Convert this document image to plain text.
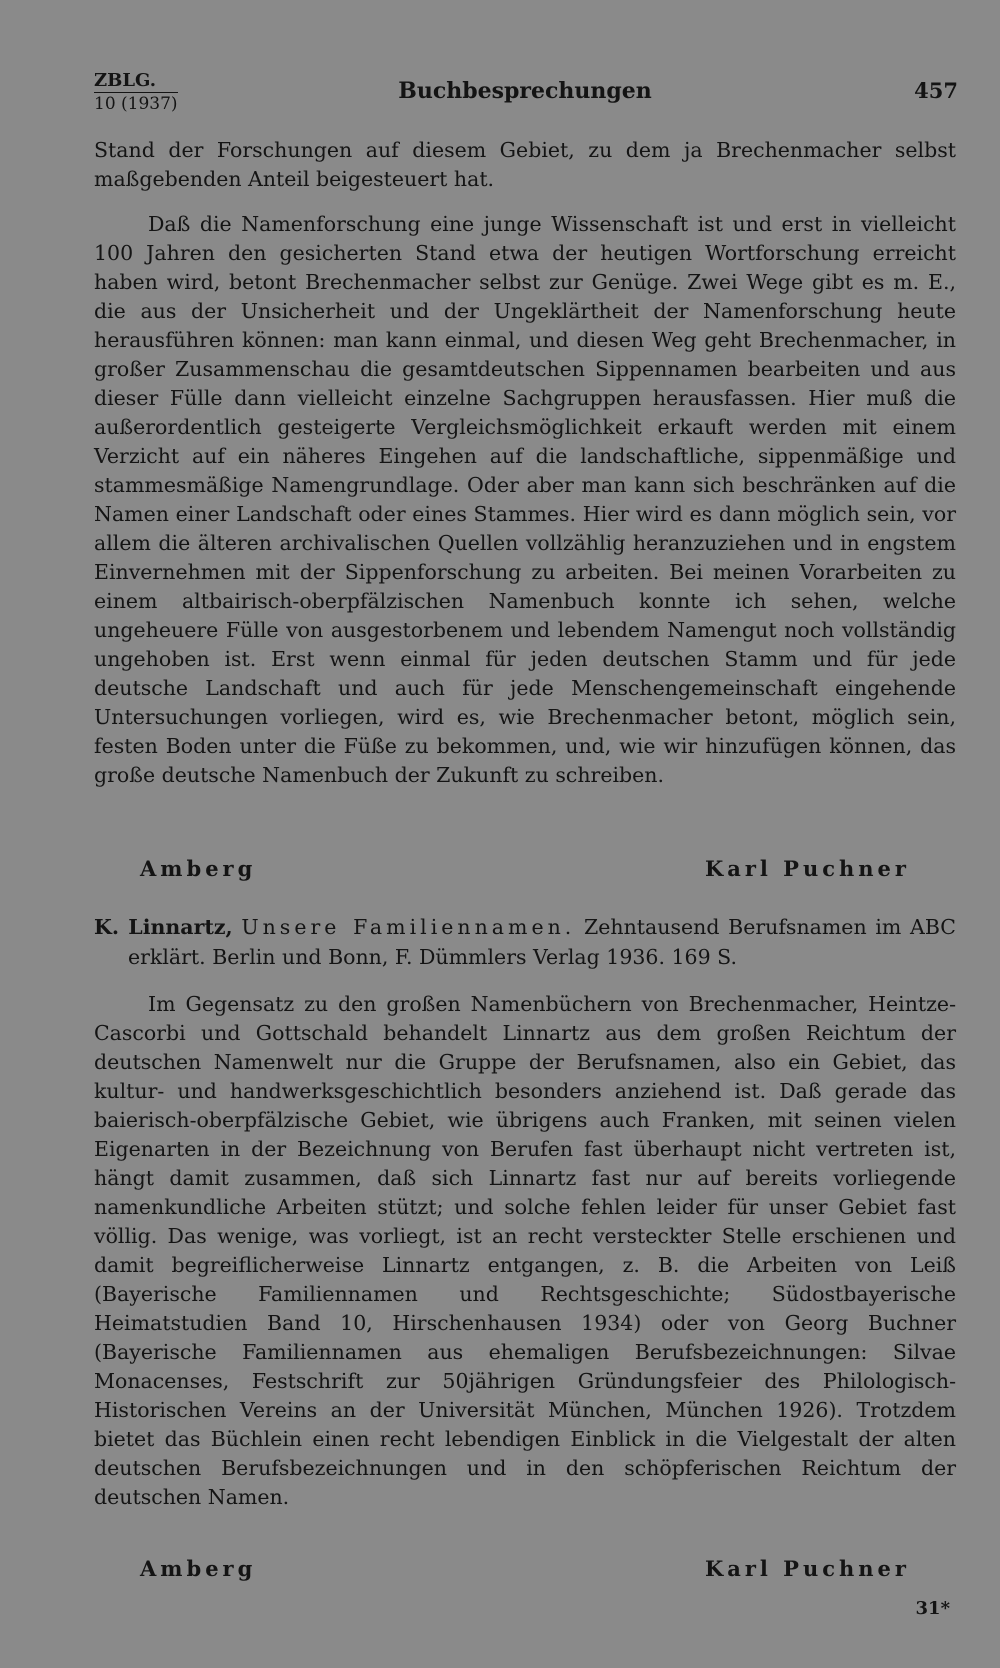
ZBLG.
10 (1937)	Buchbesprechungen	457

Stand der Forschungen auf diesem Gebiet, zu dem ja Brechenmacher selbst maßgebenden Anteil beigesteuert hat.

Daß die Namenforschung eine junge Wissenschaft ist und erst in vielleicht 100 Jahren den gesicherten Stand etwa der heutigen Wortforschung erreicht haben wird, betont Brechenmacher selbst zur Genüge. Zwei Wege gibt es m. E., die aus der Unsicherheit und der Ungeklärtheit der Namenforschung heute herausführen können: man kann einmal, und diesen Weg geht Brechenmacher, in großer Zusammenschau die gesamtdeutschen Sippennamen bearbeiten und aus dieser Fülle dann vielleicht einzelne Sachgruppen herausfassen. Hier muß die außerordentlich gesteigerte Vergleichsmöglichkeit erkauft werden mit einem Verzicht auf ein näheres Eingehen auf die landschaftliche, sippenmäßige und stammesmäßige Namengrundlage. Oder aber man kann sich beschränken auf die Namen einer Landschaft oder eines Stammes. Hier wird es dann möglich sein, vor allem die älteren archivalischen Quellen vollzählig heranzuziehen und in engstem Einvernehmen mit der Sippenforschung zu arbeiten. Bei meinen Vorarbeiten zu einem altbairisch-oberpfälzischen Namenbuch konnte ich sehen, welche ungeheuere Fülle von ausgestorbenem und lebendem Namengut noch vollständig ungehoben ist. Erst wenn einmal für jeden deutschen Stamm und für jede deutsche Landschaft und auch für jede Menschengemeinschaft eingehende Untersuchungen vorliegen, wird es, wie Brechenmacher betont, möglich sein, festen Boden unter die Füße zu bekommen, und, wie wir hinzufügen können, das große deutsche Namenbuch der Zukunft zu schreiben.

Amberg	Karl Puchner
K. Linnartz, Unsere Familiennamen. Zehntausend Berufsnamen im ABC erklärt. Berlin und Bonn, F. Dümmlers Verlag 1936. 169 S.

Im Gegensatz zu den großen Namenbüchern von Brechenmacher, Heintze-Cascorbi und Gottschald behandelt Linnartz aus dem großen Reichtum der deutschen Namenwelt nur die Gruppe der Berufsnamen, also ein Gebiet, das kultur- und handwerksgeschichtlich besonders anziehend ist. Daß gerade das baierisch-oberpfälzische Gebiet, wie übrigens auch Franken, mit seinen vielen Eigenarten in der Bezeichnung von Berufen fast überhaupt nicht vertreten ist, hängt damit zusammen, daß sich Linnartz fast nur auf bereits vorliegende namenkundliche Arbeiten stützt; und solche fehlen leider für unser Gebiet fast völlig. Das wenige, was vorliegt, ist an recht versteckter Stelle erschienen und damit begreiflicherweise Linnartz entgangen, z. B. die Arbeiten von Leiß (Bayerische Familiennamen und Rechtsgeschichte; Südostbayerische Heimatstudien Band 10, Hirschenhausen 1934) oder von Georg Buchner (Bayerische Familiennamen aus ehemaligen Berufsbezeichnungen: Silvae Monacenses, Festschrift zur 50jährigen Gründungsfeier des Philologisch-Historischen Vereins an der Universität München, München 1926). Trotzdem bietet das Büchlein einen recht lebendigen Einblick in die Vielgestalt der alten deutschen Berufsbezeichnungen und in den schöpferischen Reichtum der deutschen Namen.

Amberg	Karl Puchner
31*
